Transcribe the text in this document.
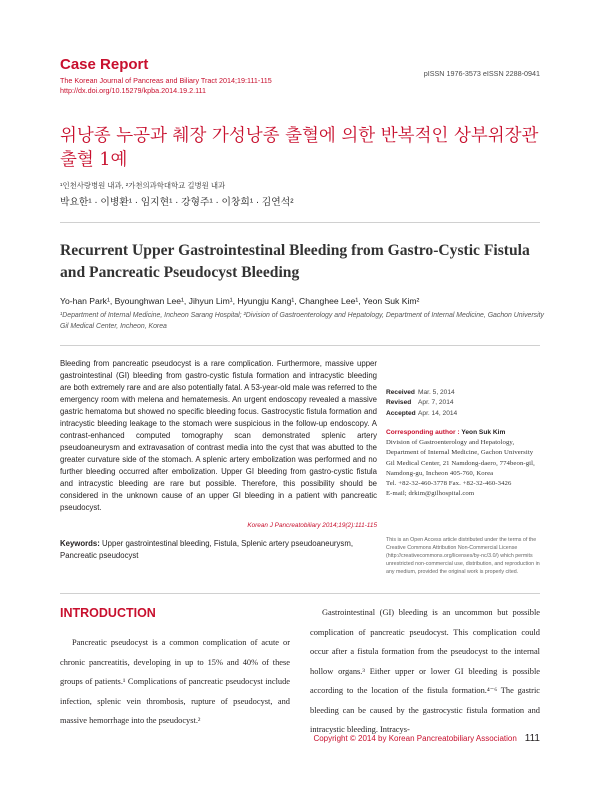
Case Report
The Korean Journal of Pancreas and Biliary Tract 2014;19:111-115
http://dx.doi.org/10.15279/kpba.2014.19.2.111
pISSN 1976-3573 eISSN 2288-0941
위낭종 누공과 췌장 가성낭종 출혈에 의한 반복적인 상부위장관 출혈 1예
¹인천사랑병원 내과, ²가천의과학대학교 길병원 내과
박요한¹ · 이병환¹ · 임지현¹ · 강형주¹ · 이창희¹ · 김연석²
Recurrent Upper Gastrointestinal Bleeding from Gastro-Cystic Fistula and Pancreatic Pseudocyst Bleeding
Yo-han Park¹, Byounghwan Lee¹, Jihyun Lim¹, Hyungju Kang¹, Changhee Lee¹, Yeon Suk Kim²
¹Department of Internal Medicine, Incheon Sarang Hospital; ²Division of Gastroenterology and Hepatology, Department of Internal Medicine, Gachon University Gil Medical Center, Incheon, Korea

Bleeding from pancreatic pseudocyst is a rare complication. Furthermore, massive upper gastrointestinal (GI) bleeding from gastro-cystic fistula formation and intracystic bleeding are both extremely rare and are also potentially fatal. A 53-year-old male was referred to the emergency room with melena and hematemesis. An urgent endoscopy revealed a massive gastric hematoma but showed no specific bleeding focus. Gastrocystic fistula formation and intracystic bleeding leakage to the stomach were suspicious in the follow-up endoscopy. A contrast-enhanced computed tomography scan demonstrated splenic artery pseudoaneurysm and extravasation of contrast media into the cyst that was abutted to the greater curvature side of the stomach. A splenic artery embolization was performed and no further bleeding occurred after embolization. Upper GI bleeding from gastro-cystic fistula and intracystic bleeding are rare but possible. Therefore, this possibility should be considered in the unknown cause of an upper GI bleeding in a patient with pancreatic pseudocyst.

Korean J Pancreatobiliary 2014;19(2):111-115
Keywords: Upper gastrointestinal bleeding, Fistula, Splenic artery pseudoaneurysm, Pancreatic pseudocyst
Received Mar. 5, 2014
Revised	Apr. 7, 2014
Accepted Apr. 14, 2014
Corresponding author : Yeon Suk Kim
Division of Gastroenterology and Hepatology,
Department of Internal Medicine, Gachon University
Gil Medical Center, 21 Namdong-daero, 774beon-gil,
Namdong-gu, Incheon 405-760, Korea
Tel. +82-32-460-3778 Fax. +82-32-460-3426
E-mail; drkim@gilhospital.com
This is an Open Access article distributed under the terms of the Creative Commons Attribution Non-Commercial License (http://creativecommons.org/licenses/by-nc/3.0/) which permits unrestricted non-commercial use, distribution, and reproduction in any medium, provided the original work is properly cited.
INTRODUCTION

Pancreatic pseudocyst is a common complication of acute or chronic pancreatitis, developing in up to 15% and 40% of these groups of patients.¹ Complications of pancreatic pseudocyst include infection, splenic vein thrombosis, rupture of pseudocyst, and massive hemorrhage into the pseudocyst.²

Gastrointestinal (GI) bleeding is an uncommon but possible complication of pancreatic pseudocyst. This complication could occur after a fistula formation from the pseudocyst to the internal hollow organs.³ Either upper or lower GI bleeding is possible according to the location of the fistula formation.⁴⁻⁶ The gastric bleeding can be caused by the gastrocystic fistula formation and intracystic bleeding. Intracys-

Copyright © 2014 by Korean Pancreatobiliary Association 111
